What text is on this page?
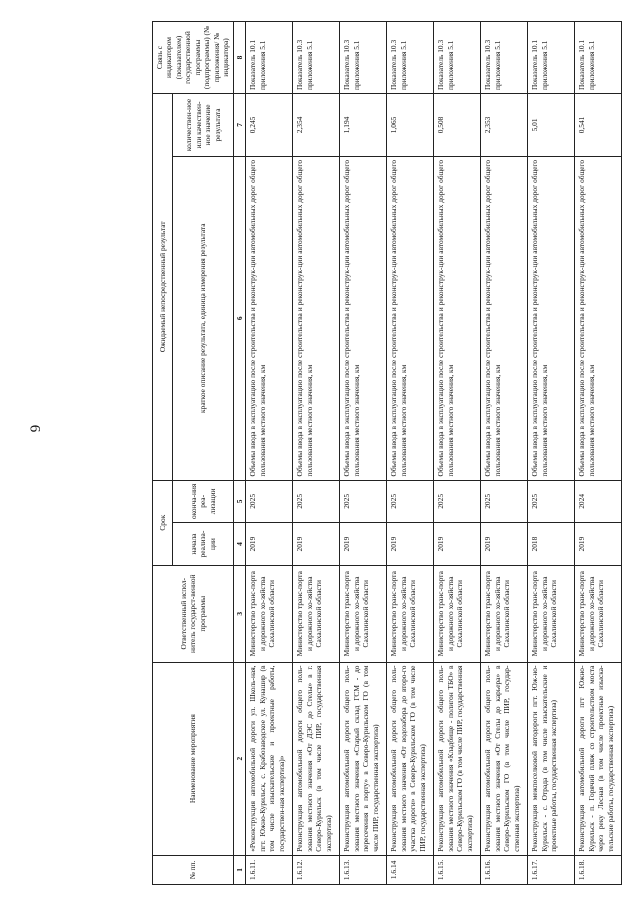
6
№ пп.	Наименование мероприятия	Ответственный испол-нитель государст-венной программы	Срок		Ожидаемый непосредственный результат		Связь с индикатором (показателем) государственной программы (подпрограммы) (№ приложения/ № индикатора)
			начала реализа-ции	оконча-ния реа-лизации	краткое описание результата, единица измерения результата	количествен-ное или качествен-ное значение результата	
1	2	3	4	5	6	7	8
1.6.11.	«Реконструкция автомобильной дороги ул. Школь-ная, пгт. Южно-Курильск, с. Крабозаводское ул. Кунашир (в том числе изыскательские и проектные работы, государствен-ная экспертиза)»	Министерство транс-порта и дорожного хо-зяйства Сахалинской области	2019	2025	Объемы ввода в эксплуатацию после строительства и реконструк-ции автомобильных дорог общего пользования местного значения, км	0,245	Показатель 10.1 приложения 5.1
1.6.12.	Реконструкция автомобильной дороги общего поль-зования местного значения «От ДЭС до Стелы» в г. Северо-Курильск (в том числе ПИР, государственная экспертиза)	Министерство транс-порта и дорожного хо-зяйства Сахалинской области	2019	2025	Объемы ввода в эксплуатацию после строительства и реконструк-ции автомобильных дорог общего пользования местного значения, км	2,354	Показатель 10.3 приложения 5.1
1.6.13.	Реконструкция автомобильной дороги общего поль-зования местного значения «Старый склад ГСМ - до пересечения в порту» в Северо-Курильском ГО (в том числе ПИР, государственная экспертиза)	Министерство транс-порта и дорожного хо-зяйства Сахалинской области	2019	2025	Объемы ввода в эксплуатацию после строительства и реконструк-ции автомобильных дорог общего пользования местного значения, км	1,194	Показатель 10.3 приложения 5.1
1.6.14	Реконструкция автомобильной дороги общего поль-зования местного значения «От водозабора до второ-го участка дороги» в Северо-Курильском ГО (в том числе ПИР, государственная экспертиза)	Министерство транс-порта и дорожного хо-зяйства Сахалинской области	2019	2025	Объемы ввода в эксплуатацию после строительства и реконструк-ции автомобильных дорог общего пользования местного значения, км	1,065	Показатель 10.3 приложения 5.1
1.6.15.	Реконструкция автомобильной дороги общего поль-зования местного значения «Кладбище - полигон ТБО» в Северо-Курильском ГО (в том числе ПИР, государственная экспертиза)	Министерство транс-порта и дорожного хо-зяйства Сахалинской области	2019	2025	Объемы ввода в эксплуатацию после строительства и реконструк-ции автомобильных дорог общего пользования местного значения, км	0,508	Показатель 10.3 приложения 5.1
1.6.16.	Реконструкция автомобильной дороги общего поль-зования местного значения «От Стелы до карьера» в Северо-Курильском ГО (в том числе ПИР, государ-ственная экспертиза)	Министерство транс-порта и дорожного хо-зяйства Сахалинской области	2019	2025	Объемы ввода в эксплуатацию после строительства и реконструк-ции автомобильных дорог общего пользования местного значения, км	2,353	Показатель 10.3 приложения 5.1
1.6.17.	Реконструкция межпоселковой автодороги пгт. Юж-но-Курильск - с. Отрада (в том числе изыскательские и проектные работы, государственная экспертиза)	Министерство транс-порта и дорожного хо-зяйства Сахалинской области	2018	2025	Объемы ввода в эксплуатацию после строительства и реконструк-ции автомобильных дорог общего пользования местного значения, км	5,01	Показатель 10.1 приложения 5.1
1.6.18.	Реконструкция автомобильной дороги пгт Южно-Курильск - п. Горячий пляж со строительством моста через реку Лесная (в том числе проектные изыска-тельские работы, государственная экспертиза)	Министерство транс-порта и дорожного хо-зяйства Сахалинской области	2019	2024	Объемы ввода в эксплуатацию после строительства и реконструк-ции автомобильных дорог общего пользования местного значения, км	0,541	Показатель 10.1 приложения 5.1
